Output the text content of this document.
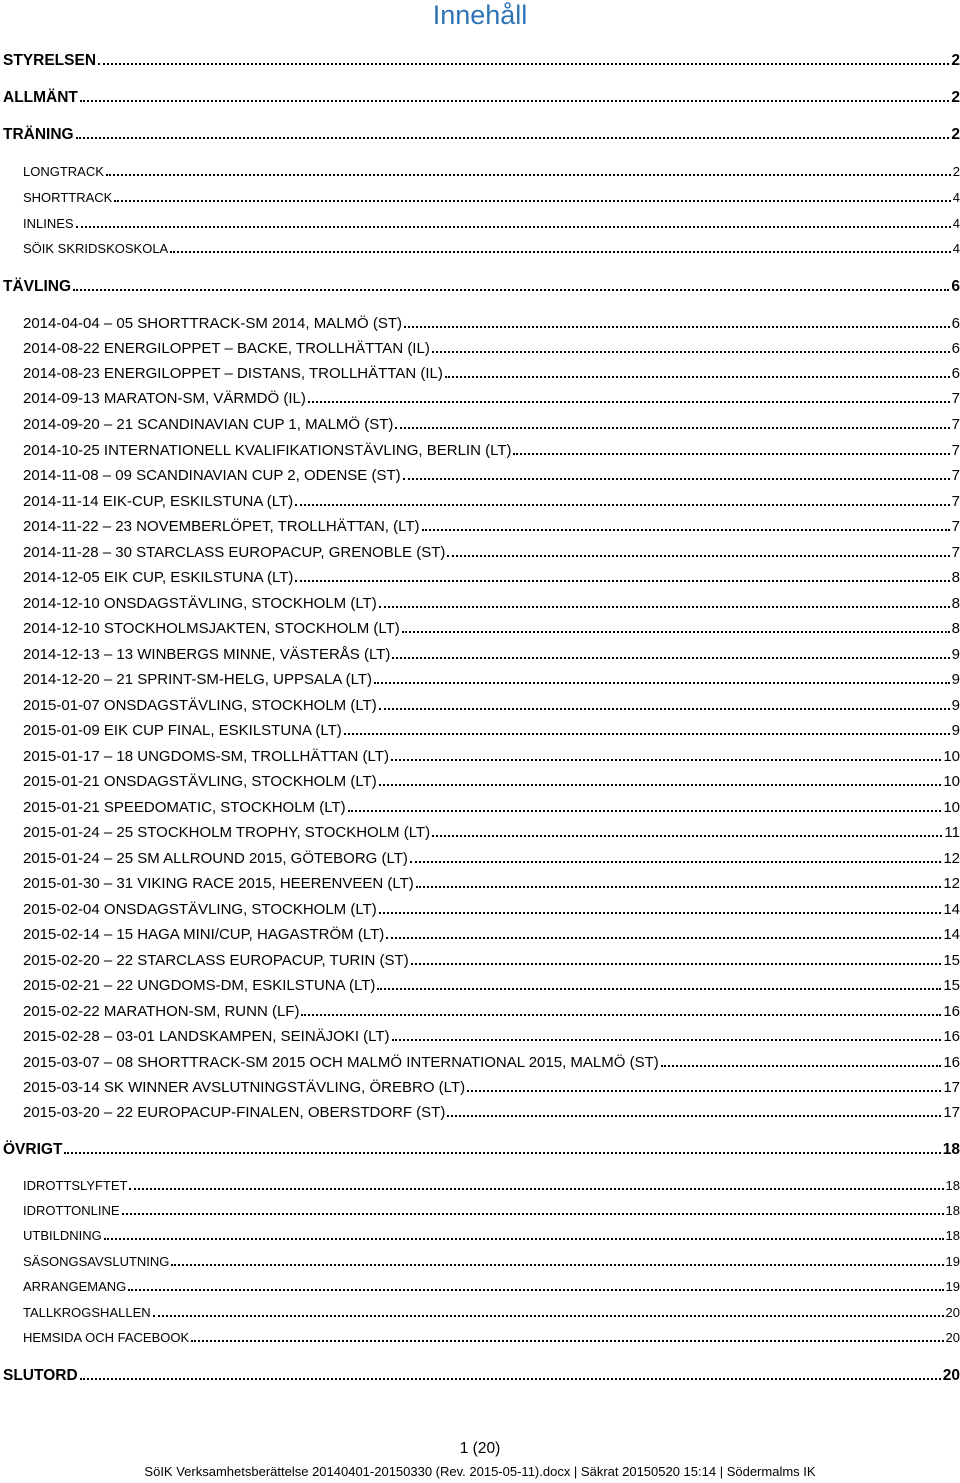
Innehåll
STYRELSEN	2
ALLMÄNT	2
TRÄNING	2
LONGTRACK	2
SHORTTRACK	4
INLINES	4
SÖIK SKRIDSKOSKOLA	4
TÄVLING	6
2014-04-04 – 05 SHORTTRACK-SM 2014, MALMÖ (ST)	6
2014-08-22 ENERGILOPPET – BACKE, TROLLHÄTTAN (IL)	6
2014-08-23 ENERGILOPPET – DISTANS, TROLLHÄTTAN (IL)	6
2014-09-13 MARATON-SM, VÄRMDÖ (IL)	7
2014-09-20 – 21 SCANDINAVIAN CUP 1, MALMÖ (ST)	7
2014-10-25 INTERNATIONELL KVALIFIKATIONSTÄVLING, BERLIN (LT)	7
2014-11-08 – 09 SCANDINAVIAN CUP 2, ODENSE (ST)	7
2014-11-14 EIK-CUP, ESKILSTUNA (LT)	7
2014-11-22 – 23 NOVEMBERLÖPET, TROLLHÄTTAN, (LT)	7
2014-11-28 – 30 STARCLASS EUROPACUP, GRENOBLE (ST)	7
2014-12-05 EIK CUP, ESKILSTUNA (LT)	8
2014-12-10 ONSDAGSTÄVLING, STOCKHOLM (LT)	8
2014-12-10 STOCKHOLMSJAKTEN, STOCKHOLM (LT)	8
2014-12-13 – 13 WINBERGS MINNE, VÄSTERÅS (LT)	9
2014-12-20 – 21 SPRINT-SM-HELG, UPPSALA (LT)	9
2015-01-07 ONSDAGSTÄVLING, STOCKHOLM (LT)	9
2015-01-09 EIK CUP FINAL, ESKILSTUNA (LT)	9
2015-01-17 – 18 UNGDOMS-SM, TROLLHÄTTAN (LT)	10
2015-01-21 ONSDAGSTÄVLING, STOCKHOLM (LT)	10
2015-01-21 SPEEDOMATIC, STOCKHOLM (LT)	10
2015-01-24 – 25 STOCKHOLM TROPHY, STOCKHOLM (LT)	11
2015-01-24 – 25 SM ALLROUND 2015, GÖTEBORG (LT)	12
2015-01-30 – 31 VIKING RACE 2015, HEERENVEEN (LT)	12
2015-02-04 ONSDAGSTÄVLING, STOCKHOLM (LT)	14
2015-02-14 – 15 HAGA MINI/CUP, HAGASTRÖM (LT)	14
2015-02-20 – 22 STARCLASS EUROPACUP, TURIN (ST)	15
2015-02-21 – 22 UNGDOMS-DM, ESKILSTUNA (LT)	15
2015-02-22 MARATHON-SM, RUNN (LF)	16
2015-02-28 – 03-01 LANDSKAMPEN, SEINÄJOKI (LT)	16
2015-03-07 – 08 SHORTTRACK-SM 2015 OCH MALMÖ INTERNATIONAL 2015, MALMÖ (ST)	16
2015-03-14 SK WINNER AVSLUTNINGSTÄVLING, ÖREBRO (LT)	17
2015-03-20 – 22 EUROPACUP-FINALEN, OBERSTDORF (ST)	17
ÖVRIGT	18
IDROTTSLYFTET	18
IDROTTONLINE	18
UTBILDNING	18
SÄSONGSAVSLUTNING	19
ARRANGEMANG	19
TALLKROGSHALLEN	20
HEMSIDA OCH FACEBOOK	20
SLUTORD	20
1 (20)
SöIK Verksamhetsberättelse 20140401-20150330 (Rev. 2015-05-11).docx | Säkrat 20150520 15:14 | Södermalms IK
